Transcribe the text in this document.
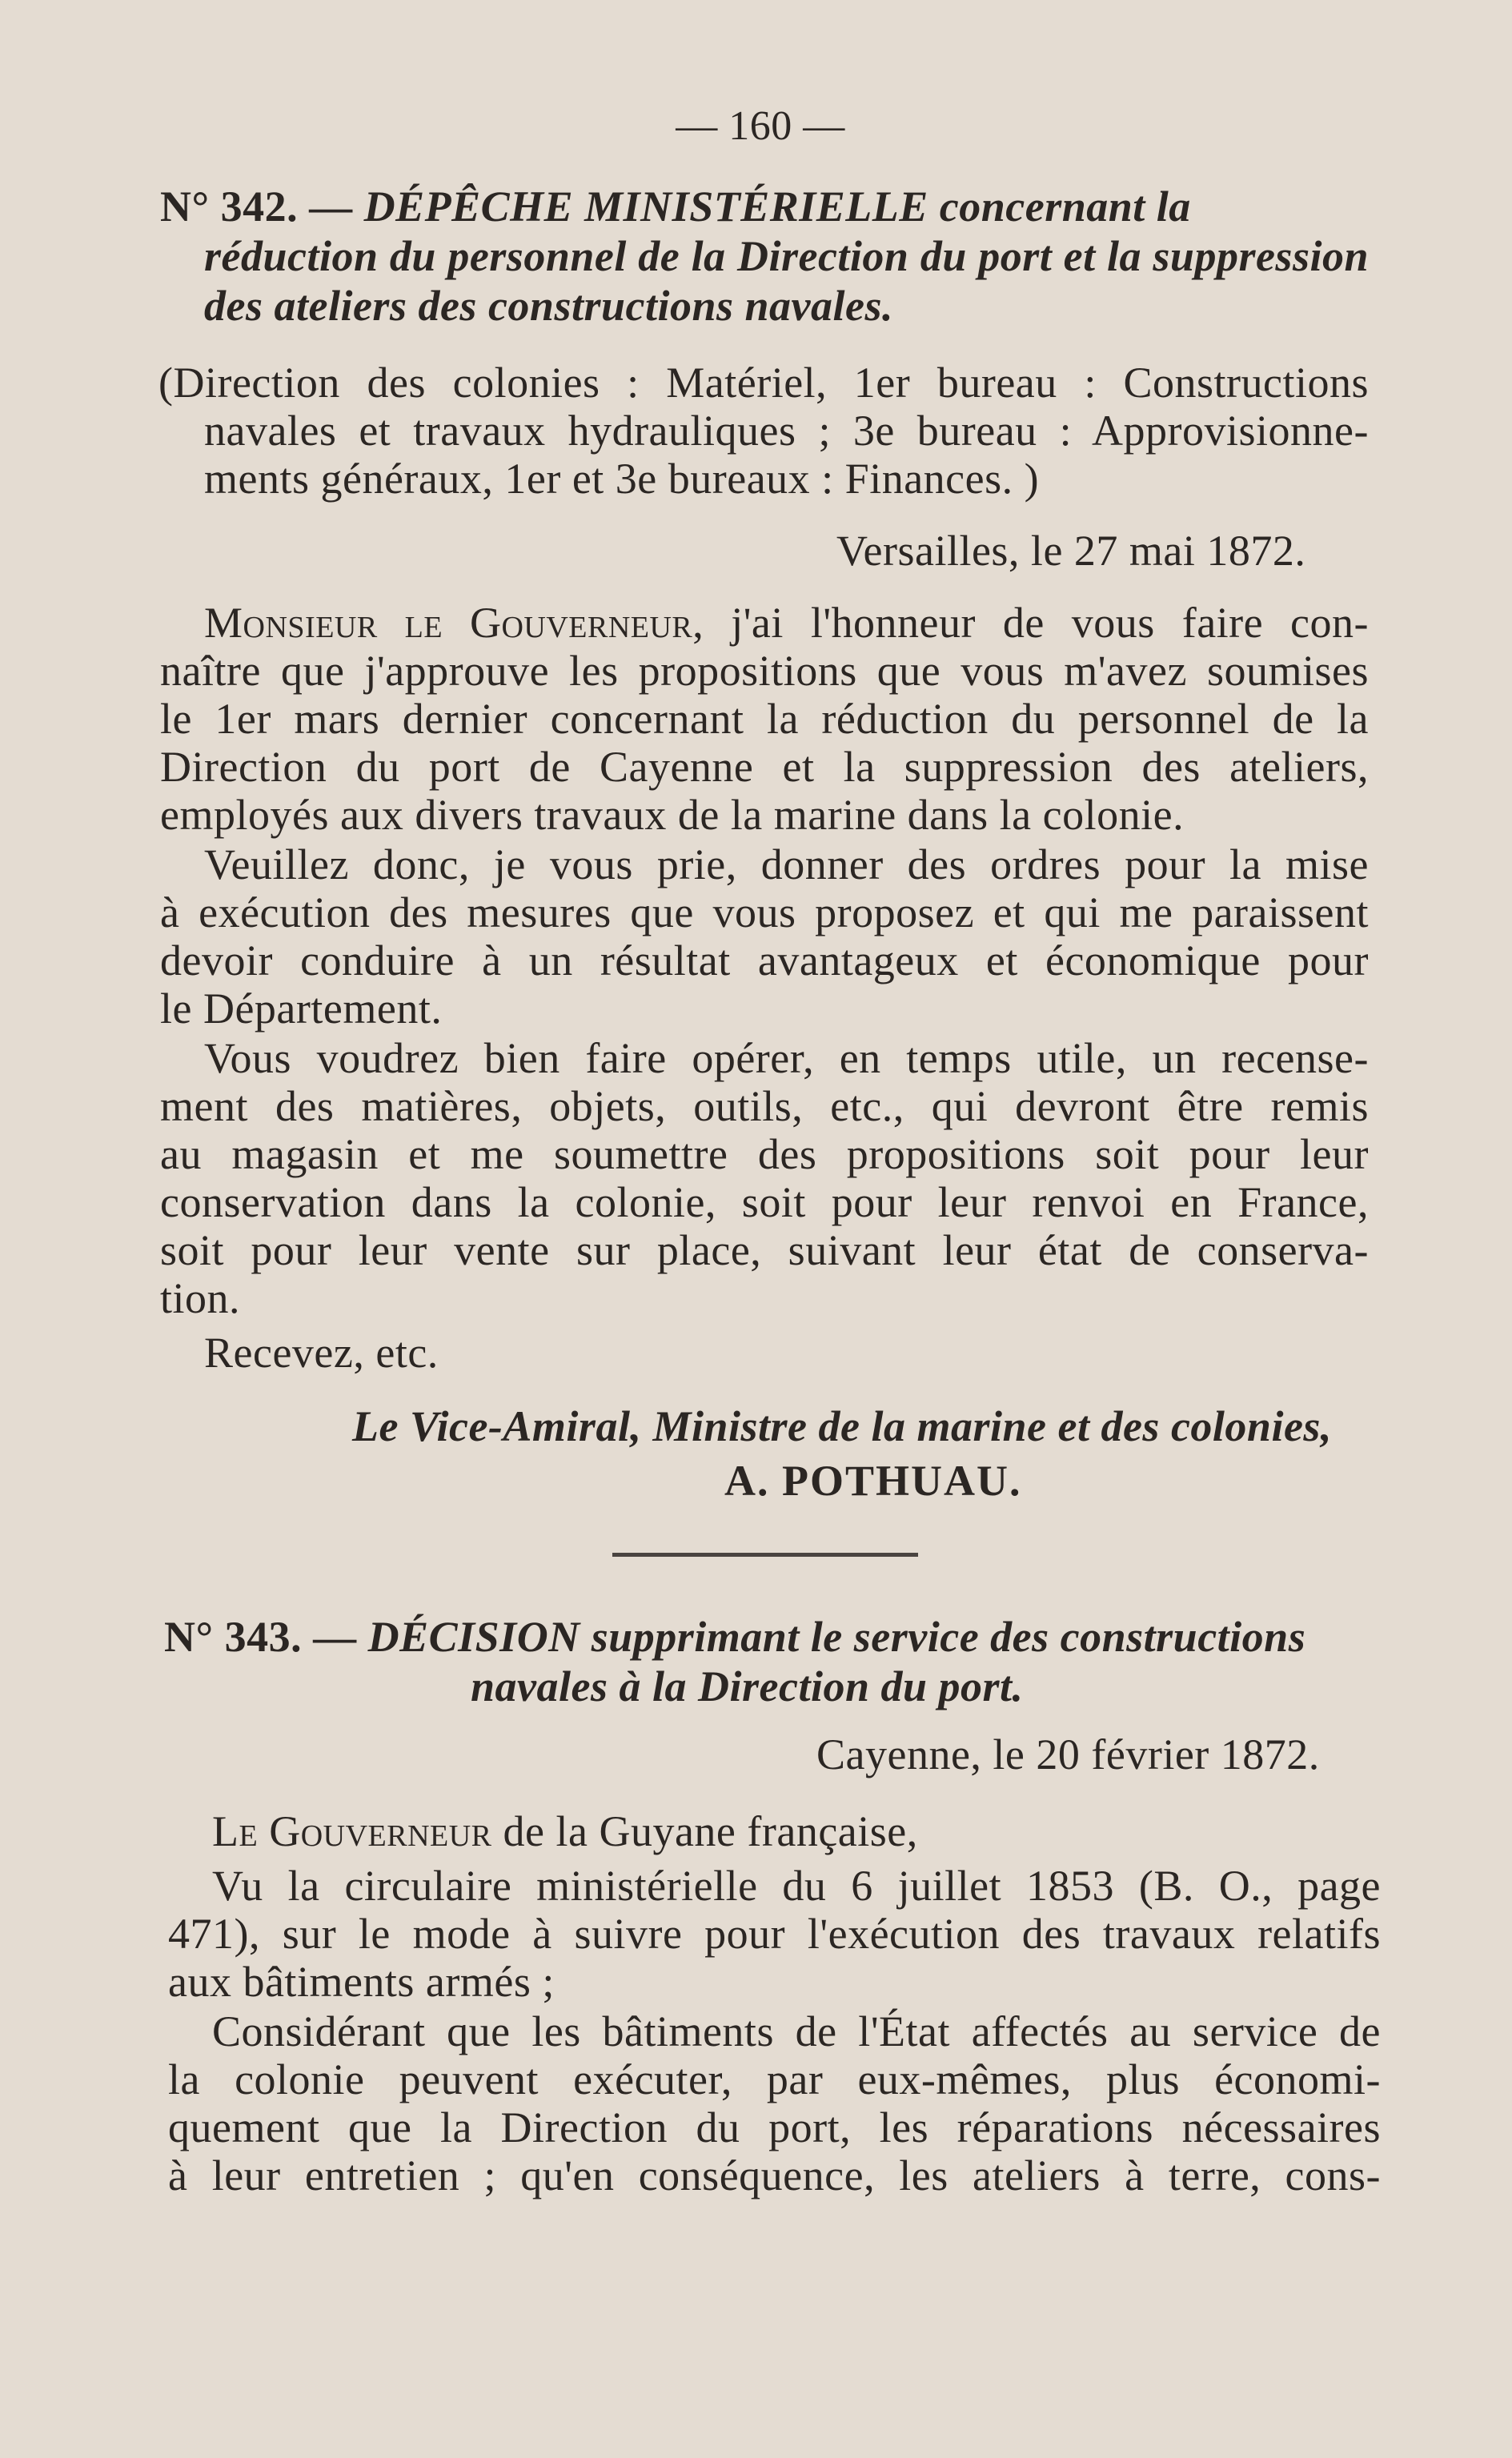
— 160 —
N° 342. — DÉPÊCHE MINISTÉRIELLE concernant la
réduction du personnel de la Direction du port et la suppression
des ateliers des constructions navales.
(Direction des colonies : Matériel, 1er bureau : Constructions
navales et travaux hydrauliques ; 3e bureau : Approvisionne-
ments généraux, 1er et 3e bureaux : Finances. )
Versailles, le 27 mai 1872.
Monsieur le Gouverneur, j'ai l'honneur de vous faire con-
naître que j'approuve les propositions que vous m'avez soumises
le 1er mars dernier concernant la réduction du personnel de la
Direction du port de Cayenne et la suppression des ateliers,
employés aux divers travaux de la marine dans la colonie.
Veuillez donc, je vous prie, donner des ordres pour la mise
à exécution des mesures que vous proposez et qui me paraissent
devoir conduire à un résultat avantageux et économique pour
le Département.
Vous voudrez bien faire opérer, en temps utile, un recense-
ment des matières, objets, outils, etc., qui devront être remis
au magasin et me soumettre des propositions soit pour leur
conservation dans la colonie, soit pour leur renvoi en France,
soit pour leur vente sur place, suivant leur état de conserva-
tion.
Recevez, etc.
Le Vice-Amiral, Ministre de la marine et des colonies,
A. POTHUAU.
N° 343. — DÉCISION supprimant le service des constructions
navales à la Direction du port.
Cayenne, le 20 février 1872.
Le Gouverneur de la Guyane française,
Vu la circulaire ministérielle du 6 juillet 1853 (B. O., page
471), sur le mode à suivre pour l'exécution des travaux relatifs
aux bâtiments armés ;
Considérant que les bâtiments de l'État affectés au service de
la colonie peuvent exécuter, par eux-mêmes, plus économi-
quement que la Direction du port, les réparations nécessaires
à leur entretien ; qu'en conséquence, les ateliers à terre, cons-
